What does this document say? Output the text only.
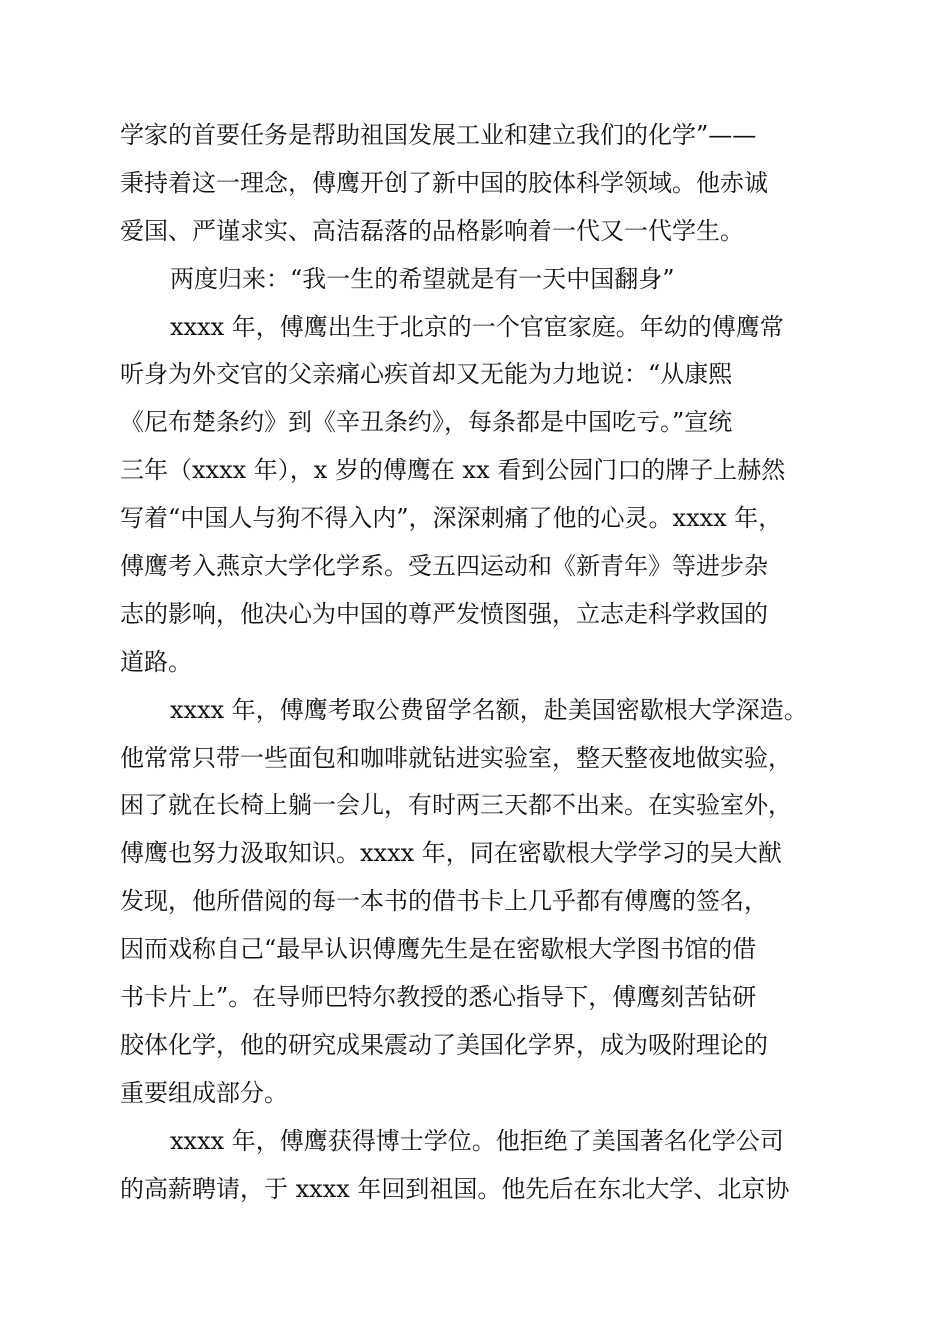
学家的首要任务是帮助祖国发展工业和建立我们的化学”——
秉持着这一理念，傅鹰开创了新中国的胶体科学领域。他赤诚
爱国、严谨求实、高洁磊落的品格影响着一代又一代学生。
两度归来：“我一生的希望就是有一天中国翻身”
xxxx 年，傅鹰出生于北京的一个官宦家庭。年幼的傅鹰常
听身为外交官的父亲痛心疾首却又无能为力地说：“从康熙
《尼布楚条约》到《辛丑条约》，每条都是中国吃亏。”宣统
三年（xxxx 年），x 岁的傅鹰在 xx 看到公园门口的牌子上赫然
写着“中国人与狗不得入内”，深深刺痛了他的心灵。xxxx 年，
傅鹰考入燕京大学化学系。受五四运动和《新青年》等进步杂
志的影响，他决心为中国的尊严发愤图强，立志走科学救国的
道路。
xxxx 年，傅鹰考取公费留学名额，赴美国密歇根大学深造。
他常常只带一些面包和咖啡就钻进实验室，整天整夜地做实验，
困了就在长椅上躺一会儿，有时两三天都不出来。在实验室外，
傅鹰也努力汲取知识。xxxx 年，同在密歇根大学学习的吴大猷
发现，他所借阅的每一本书的借书卡上几乎都有傅鹰的签名，
因而戏称自己“最早认识傅鹰先生是在密歇根大学图书馆的借
书卡片上”。在导师巴特尔教授的悉心指导下，傅鹰刻苦钻研
胶体化学，他的研究成果震动了美国化学界，成为吸附理论的
重要组成部分。
xxxx 年，傅鹰获得博士学位。他拒绝了美国著名化学公司
的高薪聘请，于 xxxx 年回到祖国。他先后在东北大学、北京协
